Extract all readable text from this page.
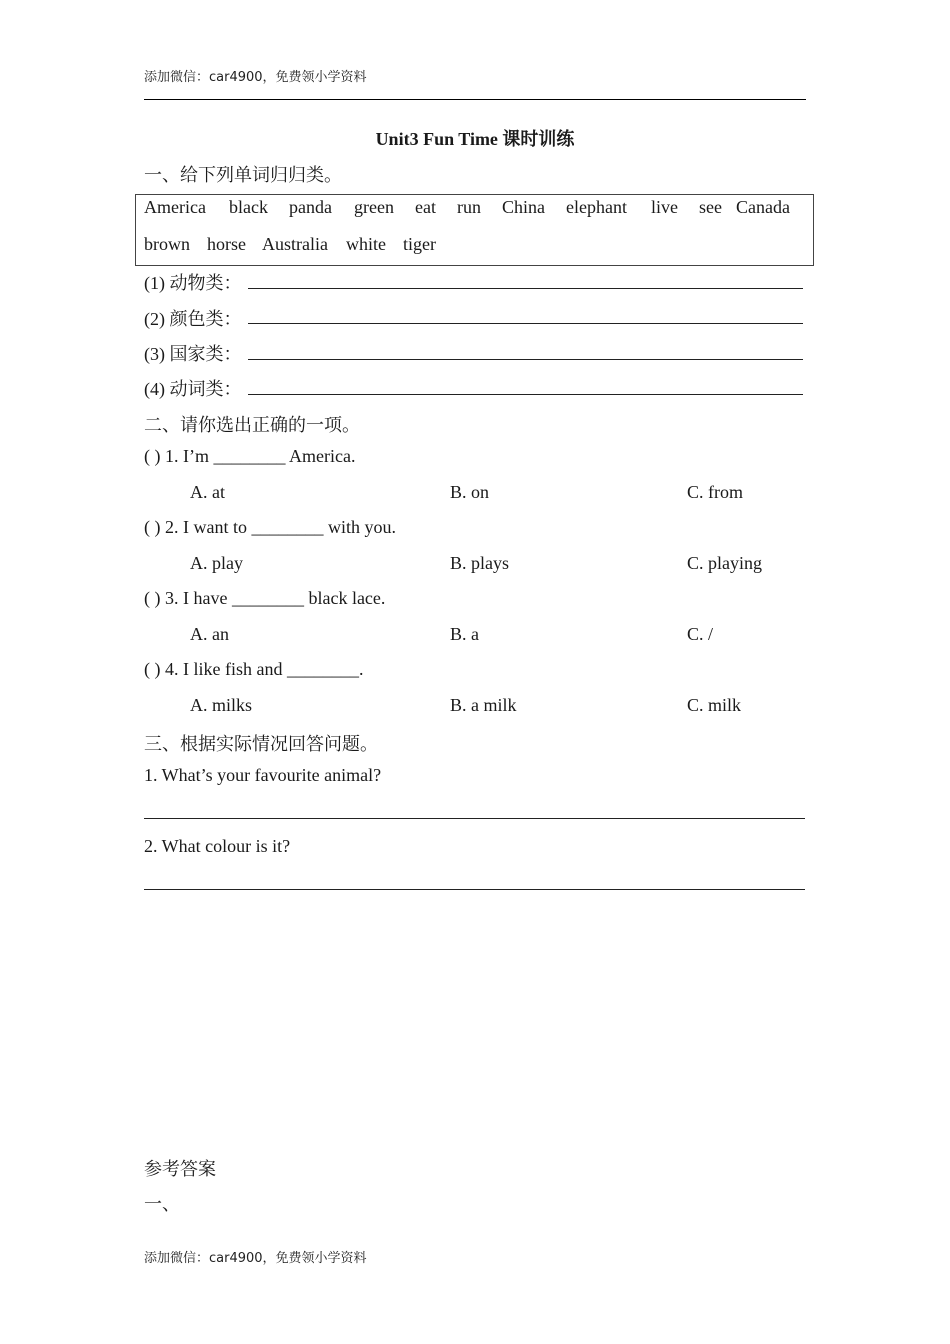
添加微信：car4900，免费领小学资料
Unit3 Fun Time 课时训练
一、给下列单词归归类。
America black panda green eat run China elephant live see Canada
brown horse Australia white tiger
(1) 动物类：
(2) 颜色类：
(3) 国家类：
(4) 动词类：
二、请你选出正确的一项。
( ) 1. I’m ________ America.
A. at	B. on	C. from
( ) 2. I want to ________ with you.
A. play	B. plays	C. playing
( ) 3. I have ________ black lace.
A. an	B. a	C. /
( ) 4. I like fish and ________.
A. milks	B. a milk	C. milk
三、根据实际情况回答问题。
1. What’s your favourite animal?
2. What colour is it?
参考答案
一、
添加微信：car4900，免费领小学资料
